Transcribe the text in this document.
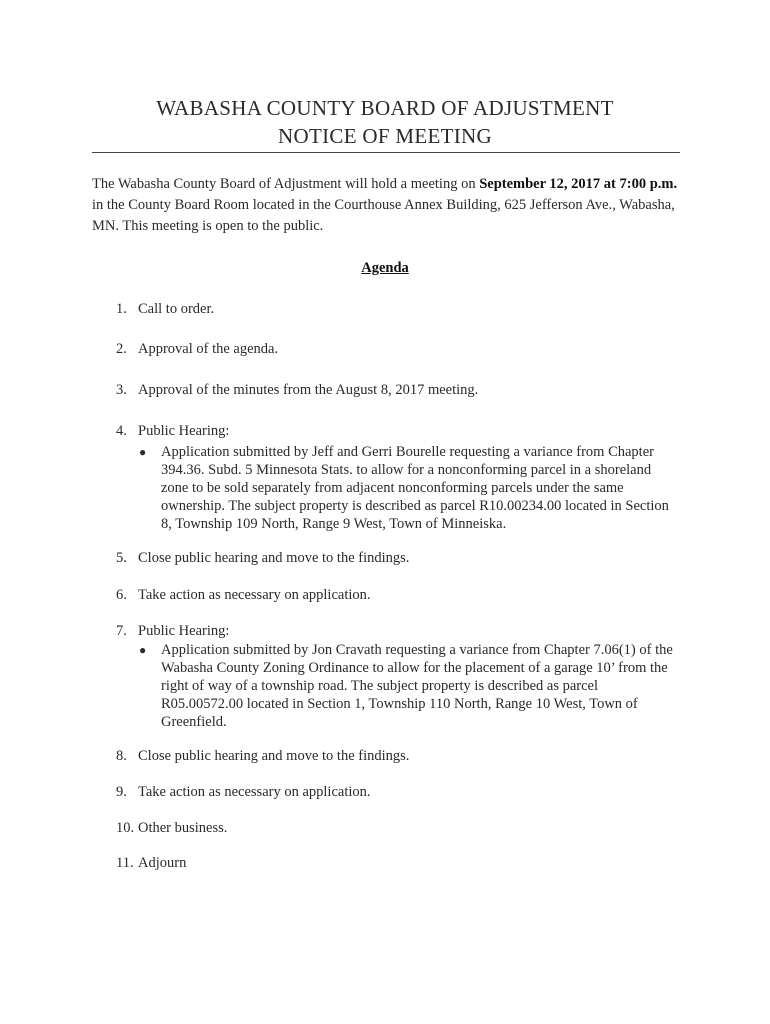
WABASHA COUNTY BOARD OF ADJUSTMENT
NOTICE OF MEETING
The Wabasha County Board of Adjustment will hold a meeting on September 12, 2017 at 7:00 p.m. in the County Board Room located in the Courthouse Annex Building, 625 Jefferson Ave., Wabasha, MN. This meeting is open to the public.
Agenda
1. Call to order.
2. Approval of the agenda.
3. Approval of the minutes from the August 8, 2017 meeting.
4. Public Hearing:
● Application submitted by Jeff and Gerri Bourelle requesting a variance from Chapter 394.36. Subd. 5 Minnesota Stats. to allow for a nonconforming parcel in a shoreland zone to be sold separately from adjacent nonconforming parcels under the same ownership. The subject property is described as parcel R10.00234.00 located in Section 8, Township 109 North, Range 9 West, Town of Minneiska.
5. Close public hearing and move to the findings.
6. Take action as necessary on application.
7. Public Hearing:
● Application submitted by Jon Cravath requesting a variance from Chapter 7.06(1) of the Wabasha County Zoning Ordinance to allow for the placement of a garage 10’ from the right of way of a township road. The subject property is described as parcel R05.00572.00 located in Section 1, Township 110 North, Range 10 West, Town of Greenfield.
8. Close public hearing and move to the findings.
9. Take action as necessary on application.
10. Other business.
11. Adjourn
